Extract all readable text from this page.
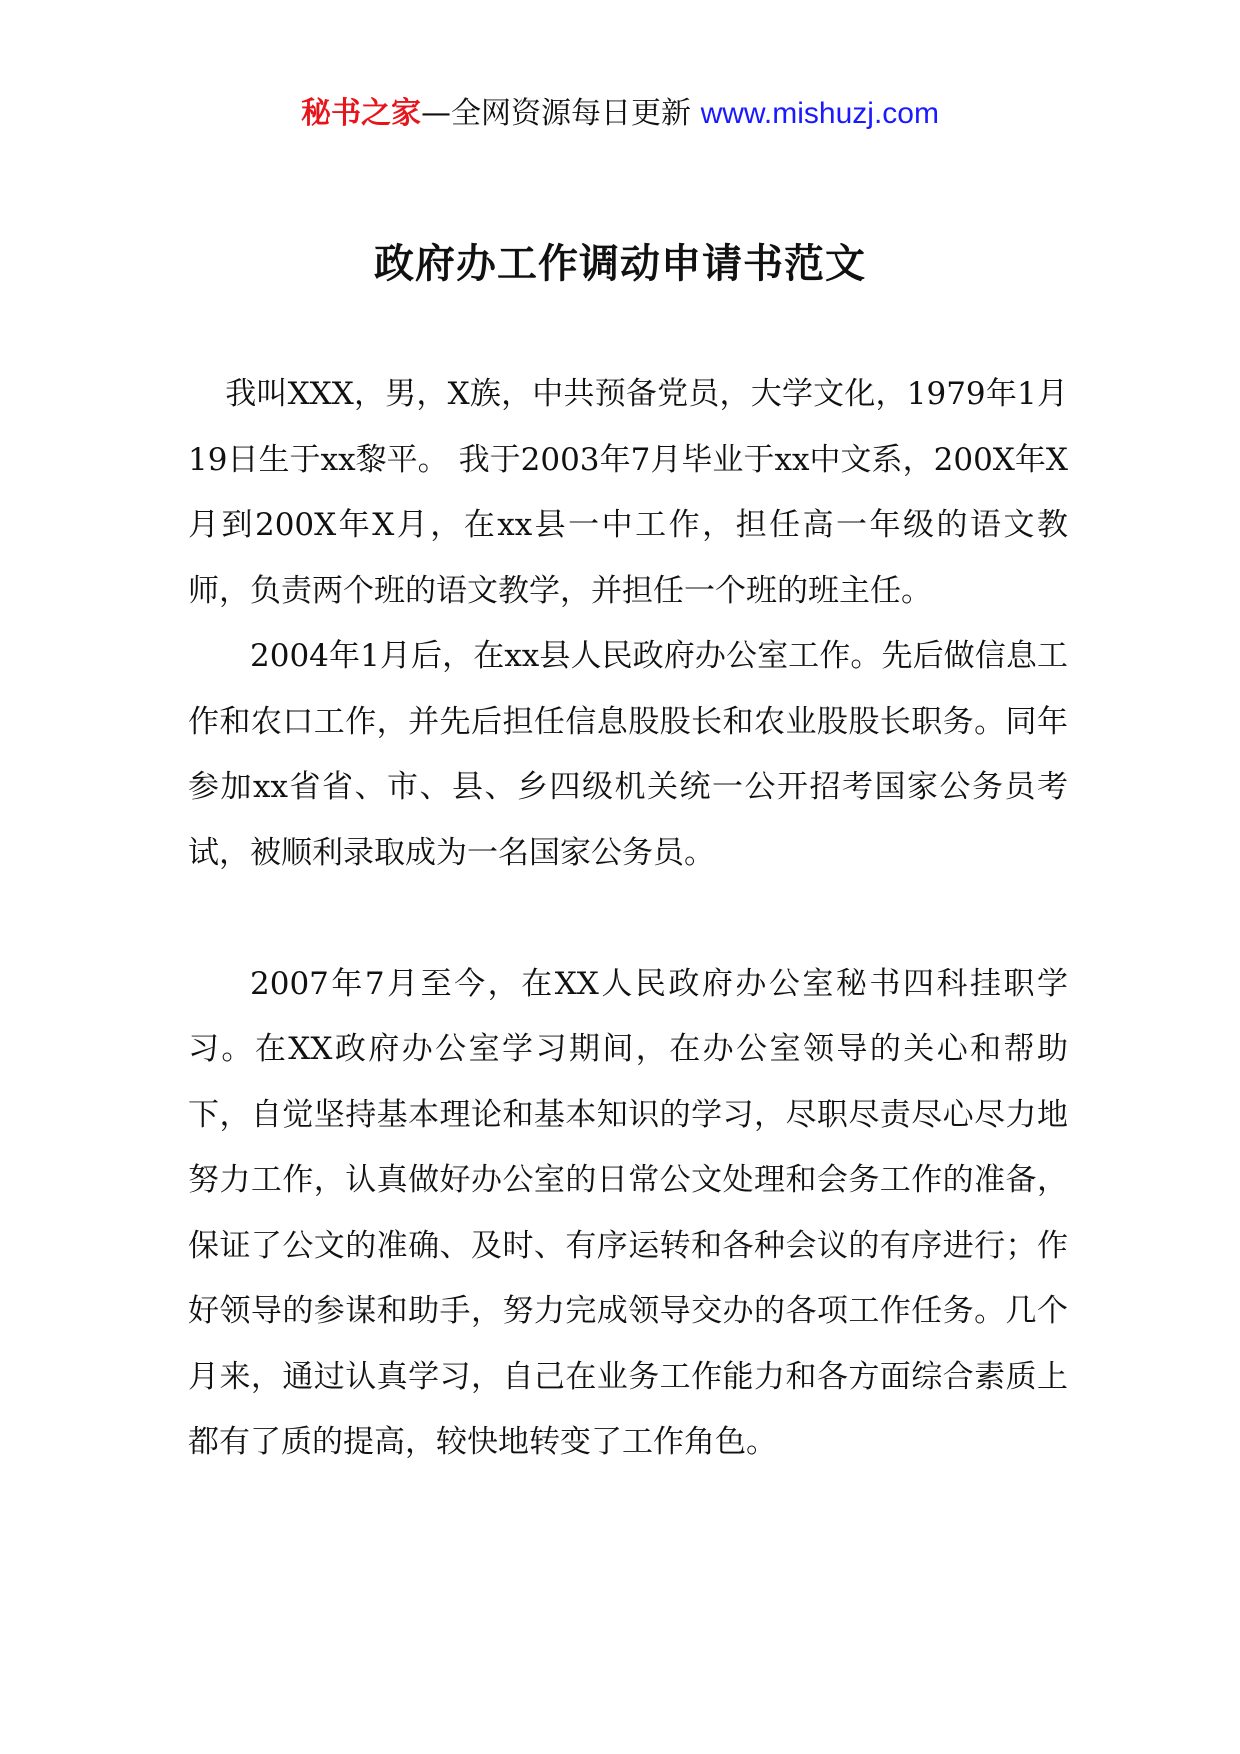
秘书之家—全网资源每日更新 www.mishuzj.com
政府办工作调动申请书范文

我叫XXX，男，X族，中共预备党员，大学文化，1979年1月19日生于xx黎平。 我于2003年7月毕业于xx中文系，200X年X月到200X年X月，在xx县一中工作，担任高一年级的语文教师，负责两个班的语文教学，并担任一个班的班主任。

2004年1月后，在xx县人民政府办公室工作。先后做信息工作和农口工作，并先后担任信息股股长和农业股股长职务。同年参加xx省省、市、县、乡四级机关统一公开招考国家公务员考试，被顺利录取成为一名国家公务员。

2007年7月至今，在XX人民政府办公室秘书四科挂职学习。在XX政府办公室学习期间，在办公室领导的关心和帮助下，自觉坚持基本理论和基本知识的学习，尽职尽责尽心尽力地努力工作，认真做好办公室的日常公文处理和会务工作的准备，保证了公文的准确、及时、有序运转和各种会议的有序进行；作好领导的参谋和助手，努力完成领导交办的各项工作任务。几个月来，通过认真学习，自己在业务工作能力和各方面综合素质上都有了质的提高，较快地转变了工作角色。
